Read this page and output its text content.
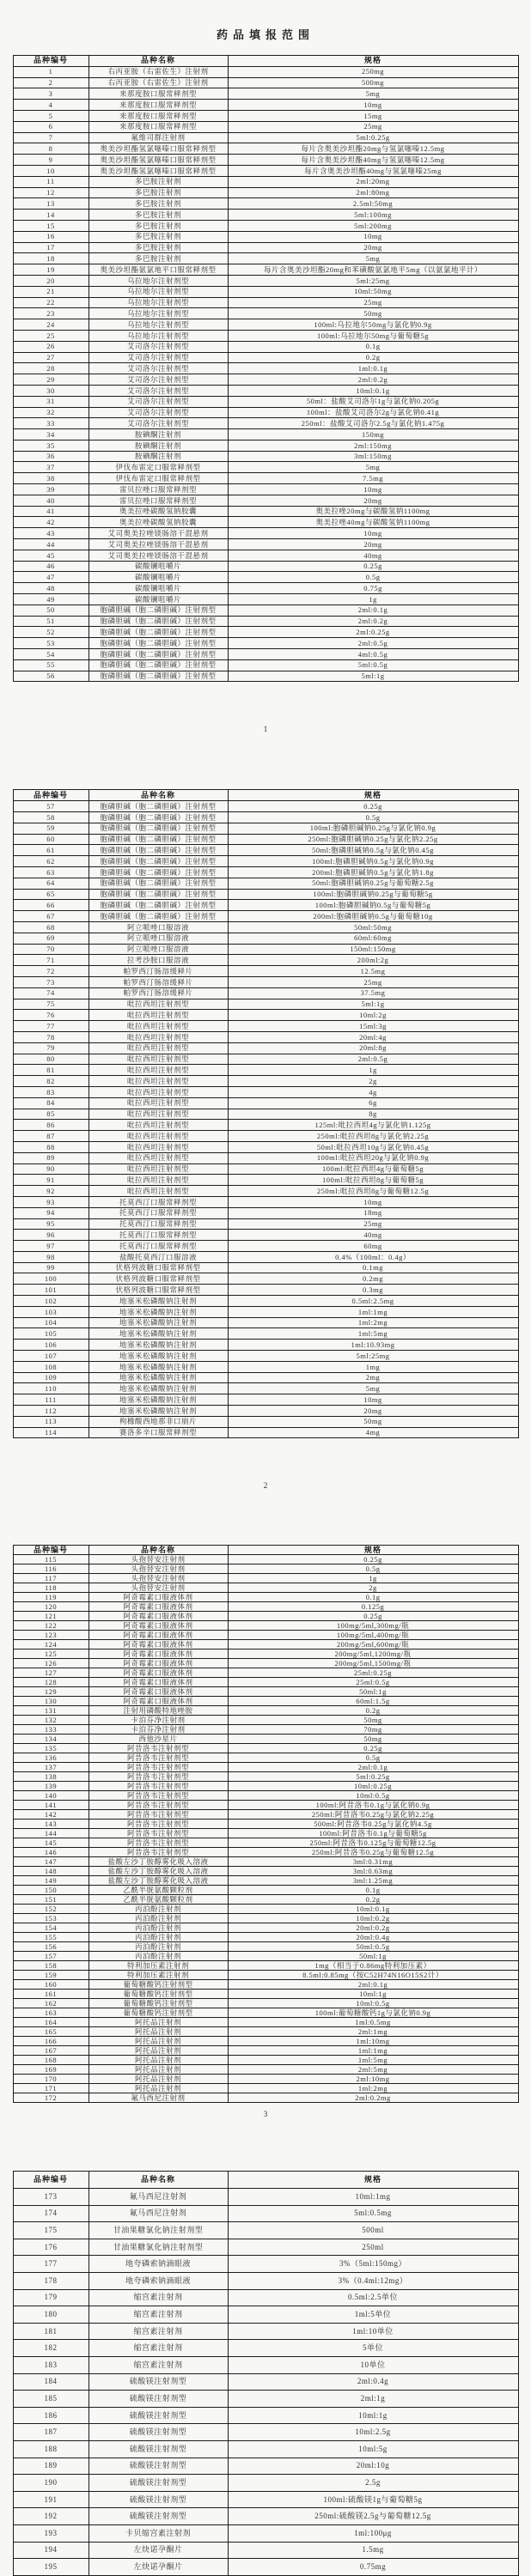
药品填报范围
品种编号	品种名称	规格
1	右丙亚胺（右雷佐生）注射剂	250mg
2	右丙亚胺（右雷佐生）注射剂	500mg
3	来那度胺口服常释剂型	5mg
4	来那度胺口服常释剂型	10mg
5	来那度胺口服常释剂型	15mg
6	来那度胺口服常释剂型	25mg
7	氟维司群注射剂	5ml:0.25g
8	奥美沙坦酯氢氯噻嗪口服常释剂型	每片含奥美沙坦酯20mg与氢氯噻嗪12.5mg
9	奥美沙坦酯氢氯噻嗪口服常释剂型	每片含奥美沙坦酯40mg与氢氯噻嗪12.5mg
10	奥美沙坦酯氢氯噻嗪口服常释剂型	每片含奥美沙坦酯40mg与氢氯噻嗪25mg
11	多巴胺注射剂	2ml:20mg
12	多巴胺注射剂	2ml:80mg
13	多巴胺注射剂	2.5ml:50mg
14	多巴胺注射剂	5ml:100mg
15	多巴胺注射剂	5ml:200mg
16	多巴胺注射剂	10mg
17	多巴胺注射剂	20mg
18	多巴胺注射剂	5mg
19	奥美沙坦酯氨氯地平口服常释剂型	每片含奥美沙坦酯20mg和苯磺酸氨氯地平5mg（以氨氯地平计）
20	乌拉地尔注射剂型	5ml:25mg
21	乌拉地尔注射剂型	10ml:50mg
22	乌拉地尔注射剂型	25mg
23	乌拉地尔注射剂型	50mg
24	乌拉地尔注射剂型	100ml:乌拉地尔50mg与氯化钠0.9g
25	乌拉地尔注射剂型	100ml:乌拉地尔50mg与葡萄糖5g
26	艾司洛尔注射剂型	0.1g
27	艾司洛尔注射剂型	0.2g
28	艾司洛尔注射剂型	1ml:0.1g
29	艾司洛尔注射剂型	2ml:0.2g
30	艾司洛尔注射剂型	10ml:0.1g
31	艾司洛尔注射剂型	50ml：盐酸艾司洛尔1g与氯化钠0.205g
32	艾司洛尔注射剂型	100ml：盐酸艾司洛尔2g与氯化钠0.41g
33	艾司洛尔注射剂型	250ml：盐酸艾司洛尔2.5g与氯化钠1.475g
34	胺碘酮注射剂	150mg
35	胺碘酮注射剂	2ml:150mg
36	胺碘酮注射剂	3ml:150mg
37	伊伐布雷定口服常释剂型	5mg
38	伊伐布雷定口服常释剂型	7.5mg
39	雷贝拉唑口服常释剂型	10mg
40	雷贝拉唑口服常释剂型	20mg
41	奥美拉唑碳酸氢钠胶囊	奥美拉唑20mg与碳酸氢钠1100mg
42	奥美拉唑碳酸氢钠胶囊	奥美拉唑40mg与碳酸氢钠1100mg
43	艾司奥美拉唑镁肠溶干混悬剂	10mg
44	艾司奥美拉唑镁肠溶干混悬剂	20mg
45	艾司奥美拉唑镁肠溶干混悬剂	40mg
46	碳酸镧咀嚼片	0.25g
47	碳酸镧咀嚼片	0.5g
48	碳酸镧咀嚼片	0.75g
49	碳酸镧咀嚼片	1g
50	胞磷胆碱（胞二磷胆碱）注射剂型	2ml:0.1g
51	胞磷胆碱（胞二磷胆碱）注射剂型	2ml:0.2g
52	胞磷胆碱（胞二磷胆碱）注射剂型	2ml:0.25g
53	胞磷胆碱（胞二磷胆碱）注射剂型	2ml:0.5g
54	胞磷胆碱（胞二磷胆碱）注射剂型	4ml:0.5g
55	胞磷胆碱（胞二磷胆碱）注射剂型	5ml:0.5g
56	胞磷胆碱（胞二磷胆碱）注射剂型	5ml:1g
1
品种编号	品种名称	规格
57	胞磷胆碱（胞二磷胆碱）注射剂型	0.25g
58	胞磷胆碱（胞二磷胆碱）注射剂型	0.5g
59	胞磷胆碱（胞二磷胆碱）注射剂型	100ml:胞磷胆碱钠0.25g与氯化钠0.9g
60	胞磷胆碱（胞二磷胆碱）注射剂型	250ml:胞磷胆碱钠0.25g与氯化钠2.25g
61	胞磷胆碱（胞二磷胆碱）注射剂型	50ml:胞磷胆碱钠0.5g与氯化钠0.45g
62	胞磷胆碱（胞二磷胆碱）注射剂型	100ml:胞磷胆碱钠0.5g与氯化钠0.9g
63	胞磷胆碱（胞二磷胆碱）注射剂型	200ml:胞磷胆碱钠0.5g与氯化钠1.8g
64	胞磷胆碱（胞二磷胆碱）注射剂型	50ml:胞磷胆碱钠0.25g与葡萄糖2.5g
65	胞磷胆碱（胞二磷胆碱）注射剂型	100ml:胞磷胆碱钠0.25g与葡萄糖5g
66	胞磷胆碱（胞二磷胆碱）注射剂型	100ml:胞磷胆碱钠0.5g与葡萄糖5g
67	胞磷胆碱（胞二磷胆碱）注射剂型	200ml:胞磷胆碱钠0.5g与葡萄糖10g
68	阿立哌唑口服溶液	50ml:50mg
69	阿立哌唑口服溶液	60ml:60mg
70	阿立哌唑口服溶液	150ml:150mg
71	拉考沙胺口服溶液	200ml:2g
72	帕罗西汀肠溶缓释片	12.5mg
73	帕罗西汀肠溶缓释片	25mg
74	帕罗西汀肠溶缓释片	37.5mg
75	吡拉西坦注射剂型	5ml:1g
76	吡拉西坦注射剂型	10ml:2g
77	吡拉西坦注射剂型	15ml:3g
78	吡拉西坦注射剂型	20ml:4g
79	吡拉西坦注射剂型	20ml:8g
80	吡拉西坦注射剂型	2ml:0.5g
81	吡拉西坦注射剂型	1g
82	吡拉西坦注射剂型	2g
83	吡拉西坦注射剂型	4g
84	吡拉西坦注射剂型	6g
85	吡拉西坦注射剂型	8g
86	吡拉西坦注射剂型	125ml:吡拉西坦4g与氯化钠1.125g
87	吡拉西坦注射剂型	250ml:吡拉西坦8g与氯化钠2.25g
88	吡拉西坦注射剂型	50ml:吡拉西坦10g与氯化钠0.45g
89	吡拉西坦注射剂型	100ml:吡拉西坦20g与氯化钠0.9g
90	吡拉西坦注射剂型	100ml:吡拉西坦4g与葡萄糖5g
91	吡拉西坦注射剂型	100ml:吡拉西坦8g与葡萄糖5g
92	吡拉西坦注射剂型	250ml:吡拉西坦8g与葡萄糖12.5g
93	托莫西汀口服常释剂型	10mg
94	托莫西汀口服常释剂型	18mg
95	托莫西汀口服常释剂型	25mg
96	托莫西汀口服常释剂型	40mg
97	托莫西汀口服常释剂型	60mg
98	盐酸托莫西汀口服溶液	0.4%（100ml：0.4g）
99	伏格列波糖口服常释剂型	0.1mg
100	伏格列波糖口服常释剂型	0.2mg
101	伏格列波糖口服常释剂型	0.3mg
102	地塞米松磷酸钠注射剂	0.5ml:2.5mg
103	地塞米松磷酸钠注射剂	1ml:1mg
104	地塞米松磷酸钠注射剂	1ml:2mg
105	地塞米松磷酸钠注射剂	1ml:5mg
106	地塞米松磷酸钠注射剂	1ml:10.93mg
107	地塞米松磷酸钠注射剂	5ml:25mg
108	地塞米松磷酸钠注射剂	1mg
109	地塞米松磷酸钠注射剂	2mg
110	地塞米松磷酸钠注射剂	5mg
111	地塞米松磷酸钠注射剂	10mg
112	地塞米松磷酸钠注射剂	20mg
113	枸橼酸西地那非口崩片	50mg
114	赛洛多辛口服常释剂型	4mg
2
品种编号	品种名称	规格
115	头孢替安注射剂	0.25g
116	头孢替安注射剂	0.5g
117	头孢替安注射剂	1g
118	头孢替安注射剂	2g
119	阿奇霉素口服液体剂	0.1g
120	阿奇霉素口服液体剂	0.125g
121	阿奇霉素口服液体剂	0.25g
122	阿奇霉素口服液体剂	100mg/5ml,300mg/瓶
123	阿奇霉素口服液体剂	100mg/5ml,400mg/瓶
124	阿奇霉素口服液体剂	200mg/5ml,600mg/瓶
125	阿奇霉素口服液体剂	200mg/5ml,1200mg/瓶
126	阿奇霉素口服液体剂	200mg/5ml,1500mg/瓶
127	阿奇霉素口服液体剂	25ml:0.25g
128	阿奇霉素口服液体剂	25ml:0.5g
129	阿奇霉素口服液体剂	50ml:1g
130	阿奇霉素口服液体剂	60ml:1.5g
131	注射用磷酸特地唑胺	0.2g
132	卡泊芬净注射剂	50mg
133	卡泊芬净注射剂	70mg
134	西他沙星片	50mg
135	阿昔洛韦注射剂型	0.25g
136	阿昔洛韦注射剂型	0.5g
137	阿昔洛韦注射剂型	2ml:0.1g
138	阿昔洛韦注射剂型	5ml:0.25g
139	阿昔洛韦注射剂型	10ml:0.25g
140	阿昔洛韦注射剂型	10ml:0.5g
141	阿昔洛韦注射剂型	100ml:阿昔洛韦0.1g与氯化钠0.9g
142	阿昔洛韦注射剂型	250ml:阿昔洛韦0.25g与氯化钠2.25g
143	阿昔洛韦注射剂型	500ml:阿昔洛韦0.25g与氯化钠4.5g
144	阿昔洛韦注射剂型	100ml:阿昔洛韦0.1g与葡萄糖5g
145	阿昔洛韦注射剂型	250ml:阿昔洛韦0.125g与葡萄糖12.5g
146	阿昔洛韦注射剂型	250ml:阿昔洛韦0.25g与葡萄糖12.5g
147	盐酸左沙丁胺醇雾化吸入溶液	3ml:0.31mg
148	盐酸左沙丁胺醇雾化吸入溶液	3ml:0.63mg
149	盐酸左沙丁胺醇雾化吸入溶液	3ml:1.25mg
150	乙酰半胱氨酸颗粒剂	0.1g
151	乙酰半胱氨酸颗粒剂	0.2g
152	丙泊酚注射剂	10ml:0.1g
153	丙泊酚注射剂	10ml:0.2g
154	丙泊酚注射剂	20ml:0.2g
155	丙泊酚注射剂	20ml:0.4g
156	丙泊酚注射剂	50ml:0.5g
157	丙泊酚注射剂	50ml:1g
158	特利加压素注射剂	1mg（相当于0.86mg特利加压素）
159	特利加压素注射剂	8.5ml:0.85mg（按C52H74N16O15S2计）
160	葡萄糖酸钙注射剂型	2ml:0.1g
161	葡萄糖酸钙注射剂型	10ml:1g
162	葡萄糖酸钙注射剂型	10ml:0.5g
163	葡萄糖酸钙注射剂型	100ml:葡萄糖酸钙1g与氯化钠0.9g
164	阿托品注射剂	1ml:0.5mg
165	阿托品注射剂	2ml:1mg
166	阿托品注射剂	1ml:10mg
167	阿托品注射剂	1ml:1mg
168	阿托品注射剂	1ml:5mg
169	阿托品注射剂	2ml:5mg
170	阿托品注射剂	2ml:10mg
171	阿托品注射剂	1ml:2mg
172	氟马西尼注射剂	2ml:0.2mg
3
品种编号	品种名称	规格
173	氟马西尼注射剂	10ml:1mg
174	氟马西尼注射剂	5ml:0.5mg
175	甘油果糖氯化钠注射剂型	500ml
176	甘油果糖氯化钠注射剂型	250ml
177	地夸磷索钠滴眼液	3%（5ml:150mg）
178	地夸磷索钠滴眼液	3%（0.4ml:12mg）
179	缩宫素注射剂	0.5ml:2.5单位
180	缩宫素注射剂	1ml:5单位
181	缩宫素注射剂	1ml:10单位
182	缩宫素注射剂	5单位
183	缩宫素注射剂	10单位
184	硫酸镁注射剂型	2ml:0.4g
185	硫酸镁注射剂型	2ml:1g
186	硫酸镁注射剂型	10ml:1g
187	硫酸镁注射剂型	10ml:2.5g
188	硫酸镁注射剂型	10ml:5g
189	硫酸镁注射剂型	20ml:10g
190	硫酸镁注射剂型	2.5g
191	硫酸镁注射剂型	100ml:硫酸镁1g与葡萄糖5g
192	硫酸镁注射剂型	250ml:硫酸镁2.5g与葡萄糖12.5g
193	卡贝缩宫素注射剂	1ml:100μg
194	左炔诺孕酮片	1.5mg
195	左炔诺孕酮片	0.75mg
